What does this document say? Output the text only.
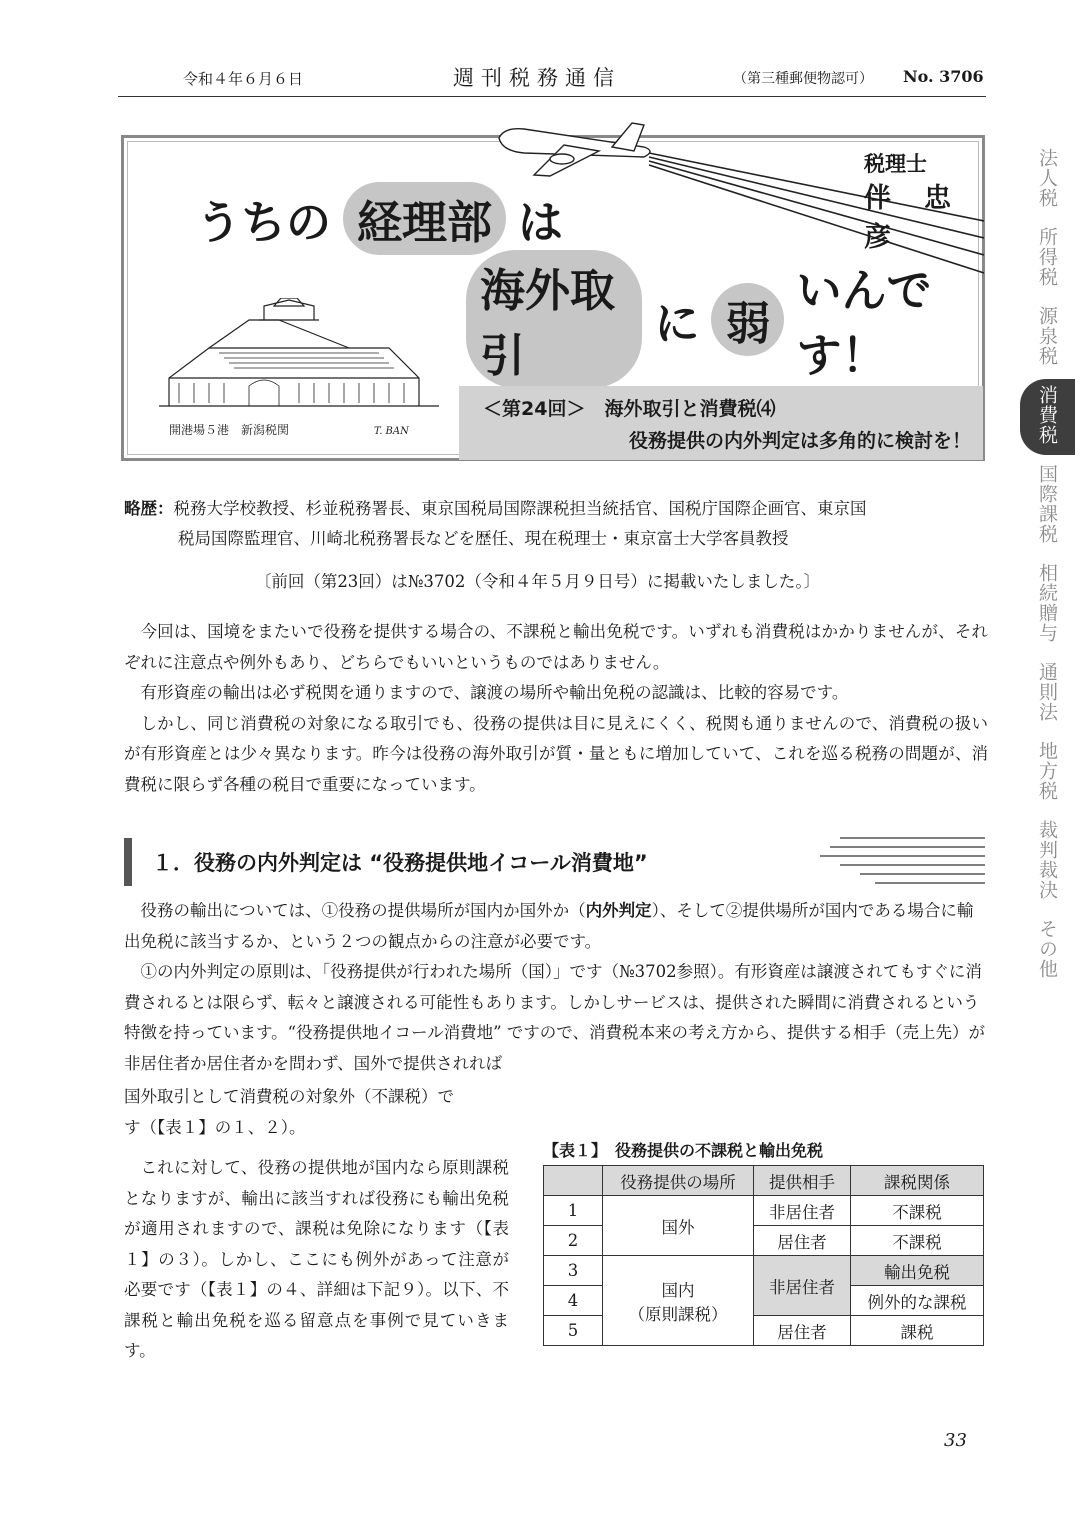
令和４年６月６日	週刊税務通信	（第三種郵便物認可） No. 3706
法人税
所得税
源泉税
消費税
国際課税
相続贈与
通則法
地方税
裁判裁決
その他
税理士
伴　忠彦
うちの 経理部 は
海外取引
に 弱
いんです！
開港場５港　新潟税関	T. BAN
＜第24回＞　海外取引と消費税⑷
役務提供の内外判定は多角的に検討を！
略歴：税務大学校教授、杉並税務署長、東京国税局国際課税担当統括官、国税庁国際企画官、東京国
税局国際監理官、川崎北税務署長などを歴任、現在税理士・東京富士大学客員教授
〔前回（第23回）は№3702（令和４年５月９日号）に掲載いたしました。〕

今回は、国境をまたいで役務を提供する場合の、不課税と輸出免税です。いずれも消費税はかかりませんが、それぞれに注意点や例外もあり、どちらでもいいというものではありません。

有形資産の輸出は必ず税関を通りますので、譲渡の場所や輸出免税の認識は、比較的容易です。

しかし、同じ消費税の対象になる取引でも、役務の提供は目に見えにくく、税関も通りませんので、消費税の扱いが有形資産とは少々異なります。昨今は役務の海外取引が質・量ともに増加していて、これを巡る税務の問題が、消費税に限らず各種の税目で重要になっています。

１．役務の内外判定は “役務提供地イコール消費地”

役務の輸出については、①役務の提供場所が国内か国外か（内外判定）、そして②提供場所が国内である場合に輸出免税に該当するか、という２つの観点からの注意が必要です。

①の内外判定の原則は、「役務提供が行われた場所（国）」です（№3702参照）。有形資産は譲渡されてもすぐに消費されるとは限らず、転々と譲渡される可能性もあります。しかしサービスは、提供された瞬間に消費されるという特徴を持っています。“役務提供地イコール消費地” ですので、消費税本来の考え方から、提供する相手（売上先）が非居住者か居住者かを問わず、国外で提供されれば

国外取引として消費税の対象外（不課税）で

す（【表１】の１、２）。

これに対して、役務の提供地が国内なら原則課税となりますが、輸出に該当すれば役務にも輸出免税が適用されますので、課税は免除になります（【表１】の３）。しかし、ここにも例外があって注意が必要です（【表１】の４、詳細は下記９）。以下、不課税と輸出免税を巡る留意点を事例で見ていきます。

【表１】　役務提供の不課税と輸出免税
	役務提供の場所	提供相手	課税関係
1	国外	非居住者	不課税
2		居住者	不課税
3	国内
（原則課税）	非居住者	輸出免税
4			例外的な課税
5		居住者	課税
33
